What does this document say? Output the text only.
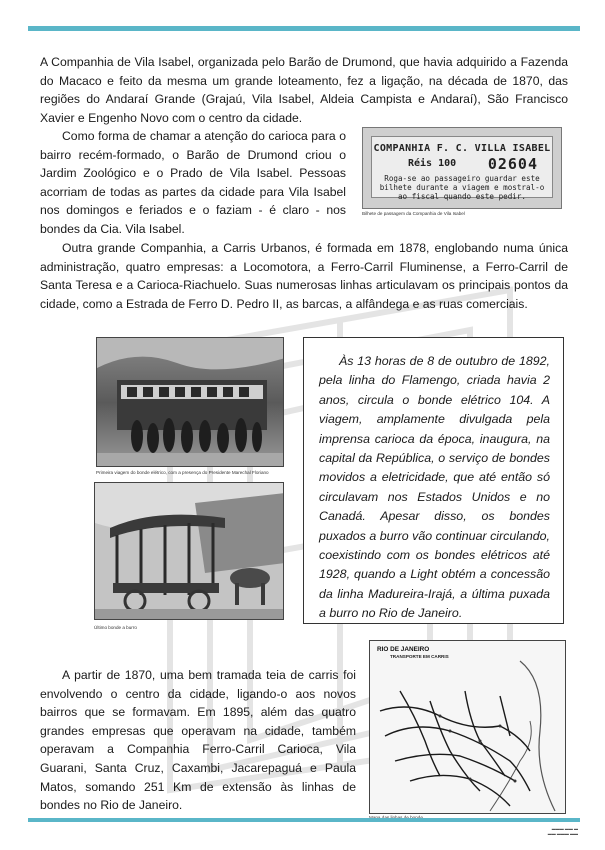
A Companhia de Vila Isabel, organizada pelo Barão de Drumond, que havia adquirido a Fazenda do Macaco e feito da mesma um grande loteamento, fez a ligação, na década de 1870, das regiões do Andaraí Grande (Grajaú, Vila Isabel, Aldeia Campista e Andaraí), São Francisco Xavier e Engenho Novo com o centro da cidade.

Como forma de chamar a atenção do carioca para o bairro recém-formado, o Barão de Drumond criou o Jardim Zoológico e o Prado de Vila Isabel. Pessoas acorriam de todas as partes da cidade para Vila Isabel nos domingos e feriados e o faziam - é claro - nos bondes da Cia. Vila Isabel.

COMPANHIA F. C. VILLA ISABEL
Réis 100 02604
Roga-se ao passageiro guardar este bilhete durante a viagem e mostral-o ao fiscal quando este pedir.
Bilhete de passagem da Companhia de Vila Isabel

Outra grande Companhia, a Carris Urbanos, é formada em 1878, englobando numa única administração, quatro empresas: a Locomotora, a Ferro-Carril Fluminense, a Ferro-Carril de Santa Teresa e a Carioca-Riachuelo. Suas numerosas linhas articulavam os principais pontos da cidade, como a Estrada de Ferro D. Pedro II, as barcas, a alfândega e as ruas comerciais.

Primeira viagem do bonde elétrico, com a presença do Presidente Marechal Floriano
Último bonde a burro

Às 13 horas de 8 de outubro de 1892, pela linha do Flamengo, criada havia 2 anos, circula o bonde elétrico 104. A viagem, amplamente divulgada pela imprensa carioca da época, inaugura, na capital da República, o serviço de bondes movidos a eletricidade, que até então só circulavam nos Estados Unidos e no Canadá. Apesar disso, os bondes puxados a burro vão continuar circulando, coexistindo com os bondes elétricos até 1928, quando a Light obtém a concessão da linha Madureira-Irajá, a última puxada a burro no Rio de Janeiro.

A partir de 1870, uma bem tramada teia de carris foi envolvendo o centro da cidade, ligando-o aos novos bairros que se formavam. Em 1895, além das quatro grandes empresas que operavam na cidade, também operavam a Companhia Ferro-Carril Carioca, Vila Guarani, Santa Cruz, Caxambi, Jacarepaguá e Paula Matos, somando 251 Km de extensão às linhas de bondes no Rio de Janeiro.

RIO DE JANEIRO
TRANSPORTE EM CARRIS
▬▬▬ ▬▬ ▬
▬▬ ▬▬▬ ▬▬
